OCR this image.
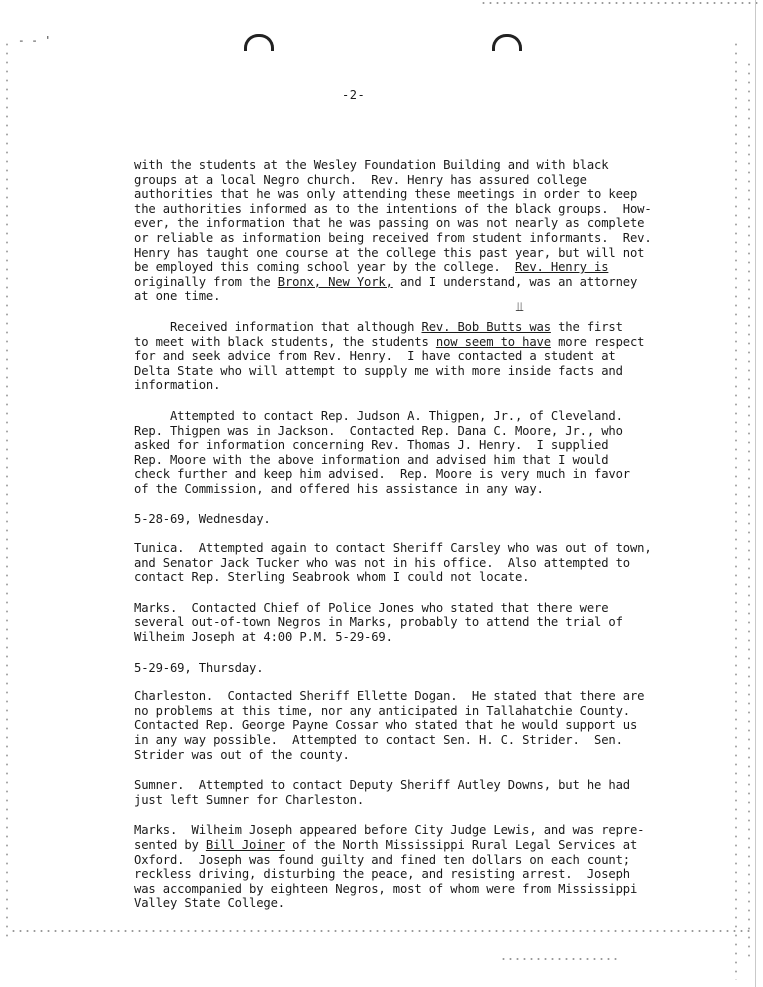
- - '
-2-
⫫
with the students at the Wesley Foundation Building and with black
groups at a local Negro church.  Rev. Henry has assured college
authorities that he was only attending these meetings in order to keep
the authorities informed as to the intentions of the black groups.  How-
ever, the information that he was passing on was not nearly as complete
or reliable as information being received from student informants.  Rev.
Henry has taught one course at the college this past year, but will not
be employed this coming school year by the college.  Rev. Henry is
originally from the Bronx, New York, and I understand, was an attorney
at one time.
Received information that although Rev. Bob Butts was the first
to meet with black students, the students now seem to have more respect
for and seek advice from Rev. Henry.  I have contacted a student at
Delta State who will attempt to supply me with more inside facts and
information.
Attempted to contact Rep. Judson A. Thigpen, Jr., of Cleveland.
Rep. Thigpen was in Jackson.  Contacted Rep. Dana C. Moore, Jr., who
asked for information concerning Rev. Thomas J. Henry.  I supplied
Rep. Moore with the above information and advised him that I would
check further and keep him advised.  Rep. Moore is very much in favor
of the Commission, and offered his assistance in any way.
5-28-69, Wednesday.
Tunica.  Attempted again to contact Sheriff Carsley who was out of town,
and Senator Jack Tucker who was not in his office.  Also attempted to
contact Rep. Sterling Seabrook whom I could not locate.
Marks.  Contacted Chief of Police Jones who stated that there were
several out-of-town Negros in Marks, probably to attend the trial of
Wilheim Joseph at 4:00 P.M. 5-29-69.
5-29-69, Thursday.
Charleston.  Contacted Sheriff Ellette Dogan.  He stated that there are
no problems at this time, nor any anticipated in Tallahatchie County.
Contacted Rep. George Payne Cossar who stated that he would support us
in any way possible.  Attempted to contact Sen. H. C. Strider.  Sen.
Strider was out of the county.
Sumner.  Attempted to contact Deputy Sheriff Autley Downs, but he had
just left Sumner for Charleston.
Marks.  Wilheim Joseph appeared before City Judge Lewis, and was repre-
sented by Bill Joiner of the North Mississippi Rural Legal Services at
Oxford.  Joseph was found guilty and fined ten dollars on each count;
reckless driving, disturbing the peace, and resisting arrest.  Joseph
was accompanied by eighteen Negros, most of whom were from Mississippi
Valley State College.
